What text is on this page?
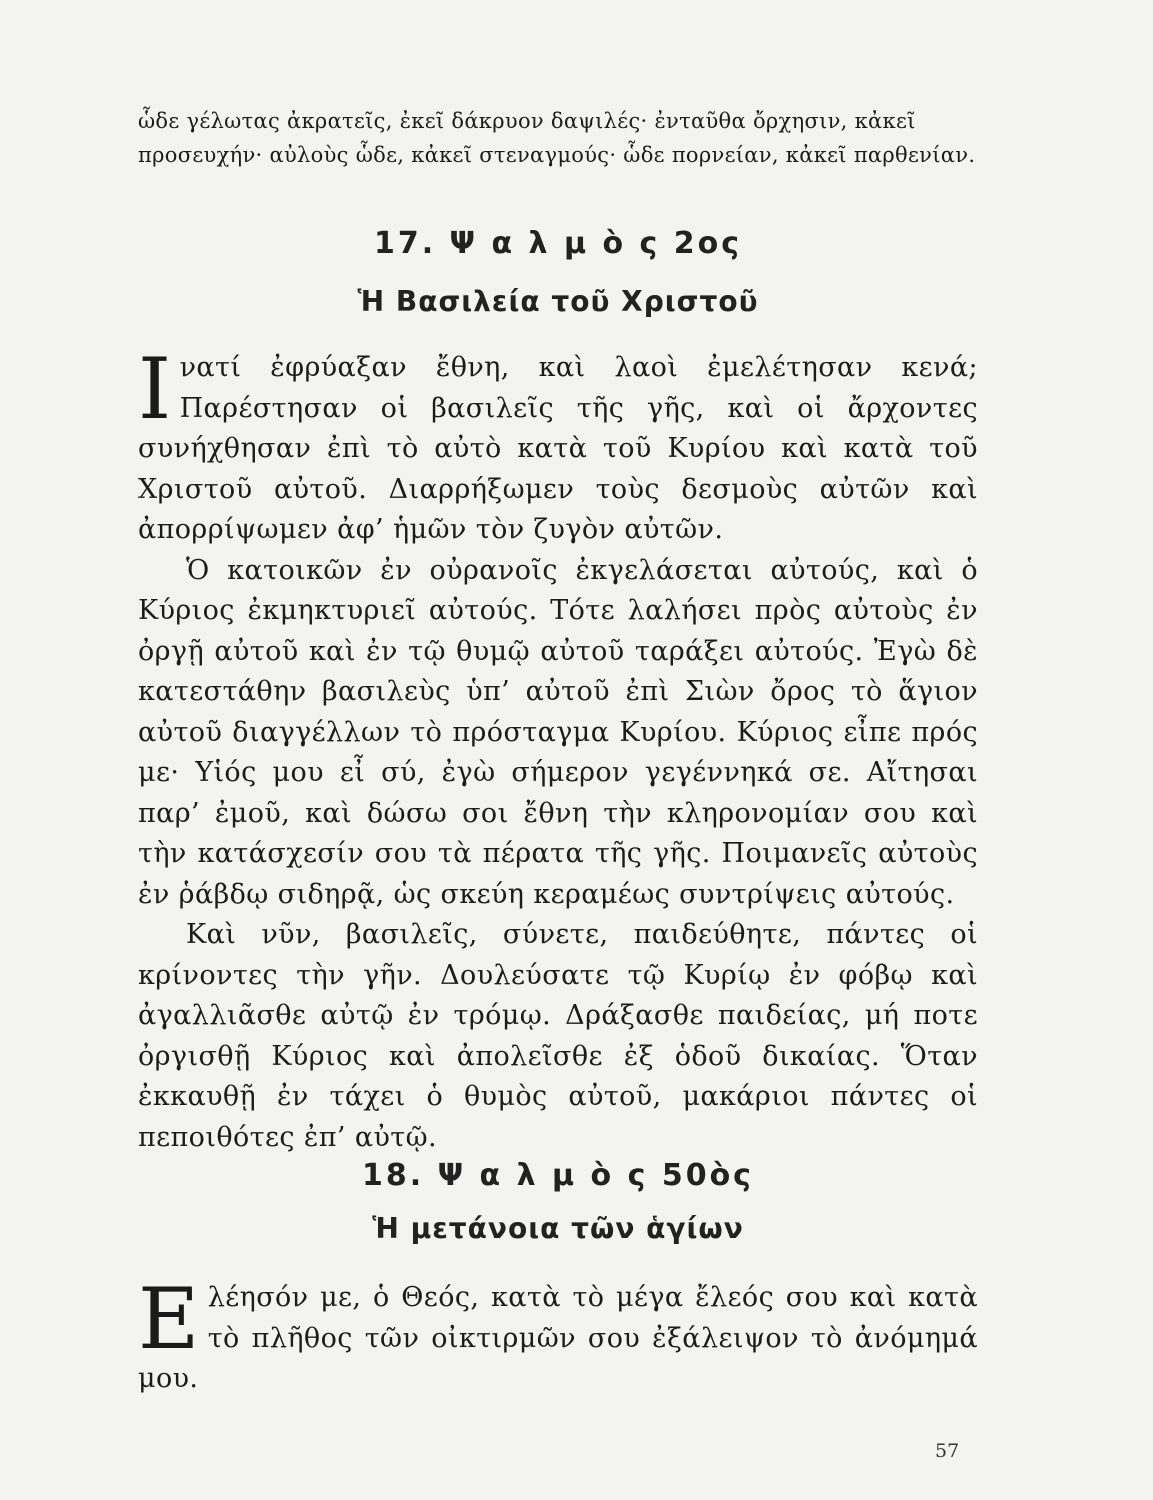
ὧδε γέλωτας ἀκρατεῖς, ἐκεῖ δάκρυον δαψιλές· ἐνταῦθα ὄρχησιν, κἀκεῖ προσευχήν· αὐλοὺς ὧδε, κἀκεῖ στεναγμούς· ὧδε πορνείαν, κἀκεῖ παρθενίαν.

17. Ψ α λ μ ὸ ς 2ος
Ἡ Βασιλεία τοῦ Χριστοῦ

Ινατί ἐφρύαξαν ἔθνη, καὶ λαοὶ ἐμελέτησαν κενά; Παρέστησαν οἱ βασιλεῖς τῆς γῆς, καὶ οἱ ἄρχοντες συνήχθησαν ἐπὶ τὸ αὐτὸ κατὰ τοῦ Κυρίου καὶ κατὰ τοῦ Χριστοῦ αὐτοῦ. Διαρρήξωμεν τοὺς δεσμοὺς αὐτῶν καὶ ἀπορρίψωμεν ἀφ’ ἡμῶν τὸν ζυγὸν αὐτῶν.

Ὁ κατοικῶν ἐν οὐρανοῖς ἐκγελάσεται αὐτούς, καὶ ὁ Κύριος ἐκμηκτυριεῖ αὐτούς. Τότε λαλήσει πρὸς αὐτοὺς ἐν ὀργῇ αὐτοῦ καὶ ἐν τῷ θυμῷ αὐτοῦ ταράξει αὐτούς. Ἐγὼ δὲ κατεστάθην βασιλεὺς ὑπ’ αὐτοῦ ἐπὶ Σιὼν ὄρος τὸ ἅγιον αὐτοῦ διαγγέλλων τὸ πρόσταγμα Κυρίου. Κύριος εἶπε πρός με· Υἱός μου εἶ σύ, ἐγὼ σήμερον γεγέννηκά σε. Αἴτησαι παρ’ ἐμοῦ, καὶ δώσω σοι ἔθνη τὴν κληρονομίαν σου καὶ τὴν κατάσχεσίν σου τὰ πέρατα τῆς γῆς. Ποιμανεῖς αὐτοὺς ἐν ῥάβδῳ σιδηρᾷ, ὡς σκεύη κεραμέως συντρίψεις αὐτούς.

Καὶ νῦν, βασιλεῖς, σύνετε, παιδεύθητε, πάντες οἱ κρίνοντες τὴν γῆν. Δουλεύσατε τῷ Κυρίῳ ἐν φόβῳ καὶ ἀγαλλιᾶσθε αὐτῷ ἐν τρόμῳ. Δράξασθε παιδείας, μή ποτε ὀργισθῇ Κύριος καὶ ἀπολεῖσθε ἐξ ὁδοῦ δικαίας. Ὅταν ἐκκαυθῇ ἐν τάχει ὁ θυμὸς αὐτοῦ, μακάριοι πάντες οἱ πεποιθότες ἐπ’ αὐτῷ.

18. Ψ α λ μ ὸ ς 50ὸς
Ἡ μετάνοια τῶν ἁγίων

Ελέησόν με, ὁ Θεός, κατὰ τὸ μέγα ἔλεός σου καὶ κατὰ τὸ πλῆθος τῶν οἰκτιρμῶν σου ἐξάλειψον τὸ ἀνόμημά μου.

57
